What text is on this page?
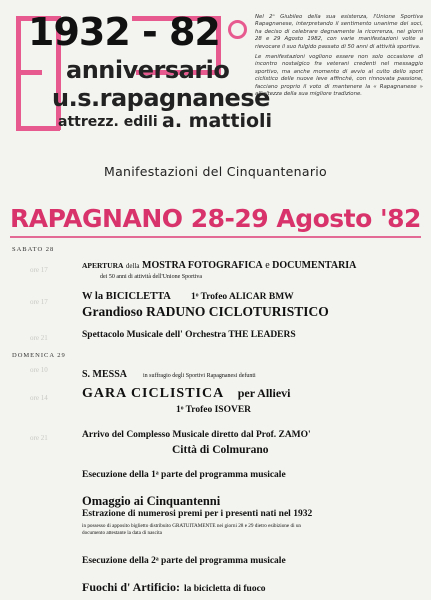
1932 - 82
anniversario
u.s.rapagnanese
attrezz. edili a. mattioli

Nel 2ᵒ Giubileo della sua esistenza, l'Unione Sportiva Rapagnanese, interpretando il sentimento unanime dei soci, ha deciso di celebrare degnamente la ricorrenza, nei giorni 28 e 29 Agosto 1982, con varie manifestazioni volte a rievocare il suo fulgido passato di 50 anni di attività sportiva.

Le manifestazioni vogliono essere non solo occasione di incontro nostalgico fra veterani credenti nel messaggio sportivo, ma anche momento di avvio al culto dello sport ciclistico delle nuove leve affinché, con rinnovata passione, facciano proprio il voto di mantenere la « Rapagnanese » all'altezza della sua migliore tradizione.

Manifestazioni del Cinquantenario
RAPAGNANO 28-29 Agosto '82
SABATO 28
DOMENICA 29
ore 17
ore 17
ore 21
ore 10
ore 14
ore 21
APERTURA della MOSTRA FOTOGRAFICA e DOCUMENTARIA
dei 50 anni di attività dell'Unione Sportiva
W la BICICLETTA 1ᵒ Trofeo ALICAR BMW
Grandioso RADUNO CICLOTURISTICO
Spettacolo Musicale dell' Orchestra THE LEADERS
S. MESSA	in suffragio degli Sportivi Rapagnanesi defunti
GARA CICLISTICA per Allievi
1ᵒ Trofeo ISOVER
Arrivo del Complesso Musicale diretto dal Prof. ZAMO'
Città di Colmurano
Esecuzione della 1ᵃ parte del programma musicale
Omaggio ai Cinquantenni
Estrazione di numerosi premi per i presenti nati nel 1932
in possesso di apposito biglietto distribuito GRATUITAMENTE nei giorni 28 e 29 dietro esibizione di un
documento attestante la data di nascita
Esecuzione della 2ᵃ parte del programma musicale
Fuochi d' Artificio: la bicicletta di fuoco
